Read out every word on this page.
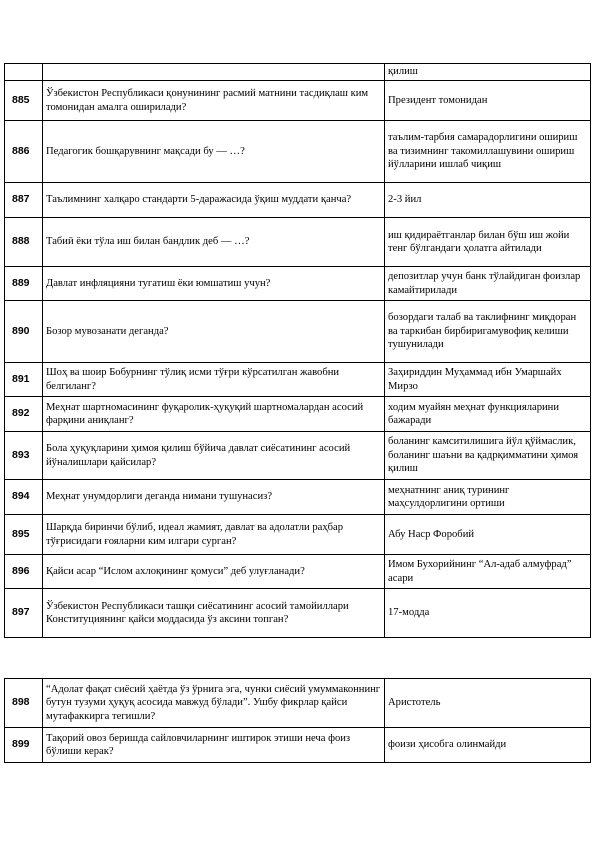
		қилиш
885	Ўзбекистон Республикаси қонунининг расмий матнини тасдиқлаш ким томонидан амалга оширилади?	Президент томонидан
886	Педагогик бошқарувнинг мақсади бу — …?	таълим-тарбия самарадорлигини ошириш ва тизимнинг такомиллашувини ошириш йўлларини ишлаб чиқиш
887	Таълимнинг халқаро стандарти 5-даражасида ўқиш муддати қанча?	2-3 йил
888	Табиӣ ёки тўла иш билан бандлик деб — …?	иш қидираётганлар билан бўш иш жойи тенг бўлгандаги ҳолатга айтилади
889	Давлат инфляцияни тугатиш ёки юмшатиш учун?	депозитлар учун банк тўлайдиган фоизлар камайтирилади
890	Бозор мувозанати деганда?	бозордаги талаб ва таклифнинг миқдоран ва таркибан бирбиригамувофиқ келиши тушунилади
891	Шоҳ ва шоир Бобурнинг тўлиқ исми тўғри кўрсатилган жавобни белгиланг?	Заҳириддин Муҳаммад ибн Умаршайх Мирзо
892	Меҳнат шартномасининг фуқаролик-ҳуқуқий шартномалардан асосий фарқини аниқланг?	ходим муайян меҳнат функцияларини бажаради
893	Бола ҳуқуқларини ҳимоя қилиш бўйича давлат сиёсатининг асосий йўналишлари қайсилар?	боланинг камситилишига йўл қўймаслик, боланинг шаъни ва қадрқимматини ҳимоя қилиш
894	Меҳнат унумдорлиги деганда нимани тушунасиз?	меҳнатнинг аниқ турининг маҳсулдорлигини ортиши
895	Шарқда биринчи бўлиб, идеал жамият, давлат ва адолатли раҳбар тўғрисидаги ғояларни ким илгари сурган?	Абу Наср Форобий
896	Қайси асар “Ислом ахлоқининг қомуси” деб улуғланади?	Имом Бухорийнинг “Ал-адаб алмуфрад” асари
897	Ўзбекистон Республикаси ташқи сиёсатининг асосий тамойиллари Конституциянинг қайси моддасида ўз аксини топган?	17-модда
898	“Адолат фақат сиёсий ҳаётда ўз ўрнига эга, чунки сиёсий умуммаконнинг бутун тузуми ҳуқуқ асосида мавжуд бўлади”. Ушбу фикрлар қайси мутафаккирга тегишли?	Аристотель
899	Тақорий овоз беришда сайловчиларнинг иштирок этиши неча фоиз бўлиши керак?	фоизи ҳисобга олинмайди
